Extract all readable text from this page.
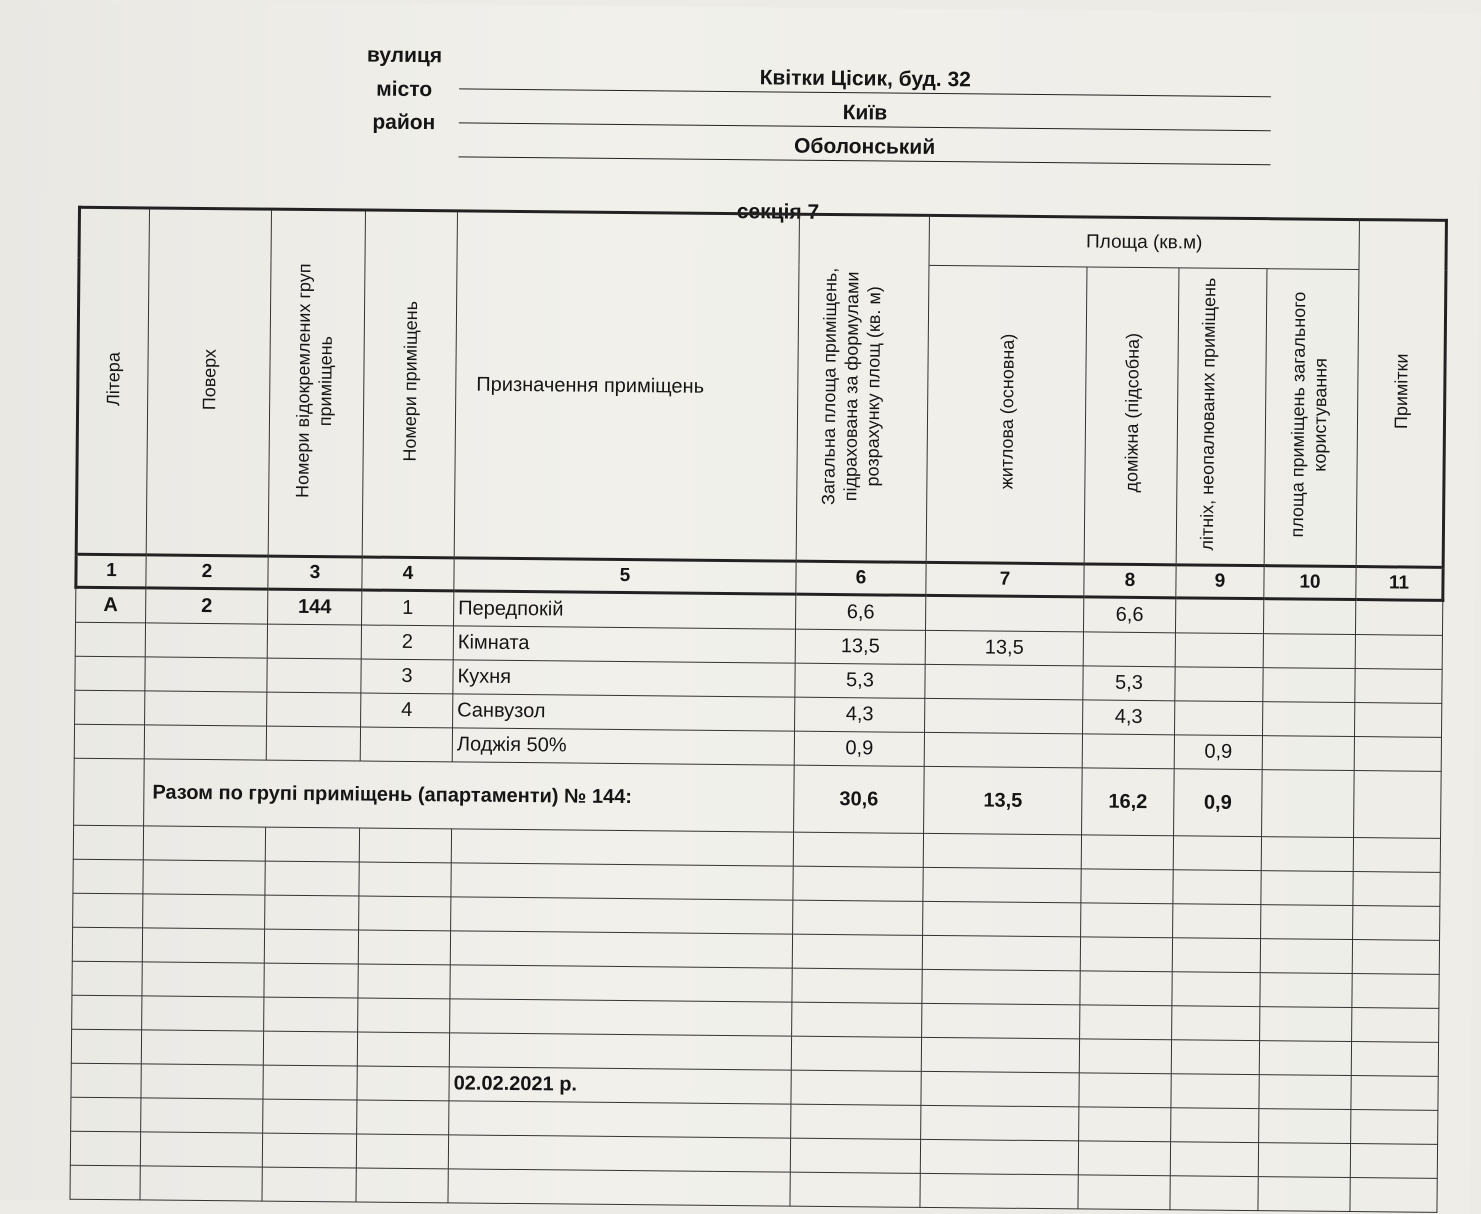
вулиця
місто
район
Квітки Цісик, буд. 32
Київ
Оболонський
секція 7
Літера	Поверх	Номери відокремлених груп приміщень	Номери приміщень	Призначення приміщень	Загальна площа приміщень, підрахована за формулами розрахунку площ (кв. м)	Площа (кв.м)				Примітки
						житлова (основна)	доміжна (підсобна)	літніх, неопалюваних приміщень	площа приміщень загального користування	
1	2	3	4	5	6	7	8	9	10	11
А	2	144	1	Передпокій	6,6		6,6			
			2	Кімната	13,5	13,5				
			3	Кухня	5,3		5,3			
			4	Санвузол	4,3		4,3			
				Лоджія 50%	0,9			0,9		
	Разом по групі приміщень (апартаменти) № 144:				30,6	13,5	16,2	0,9		

				02.02.2021 р.						
